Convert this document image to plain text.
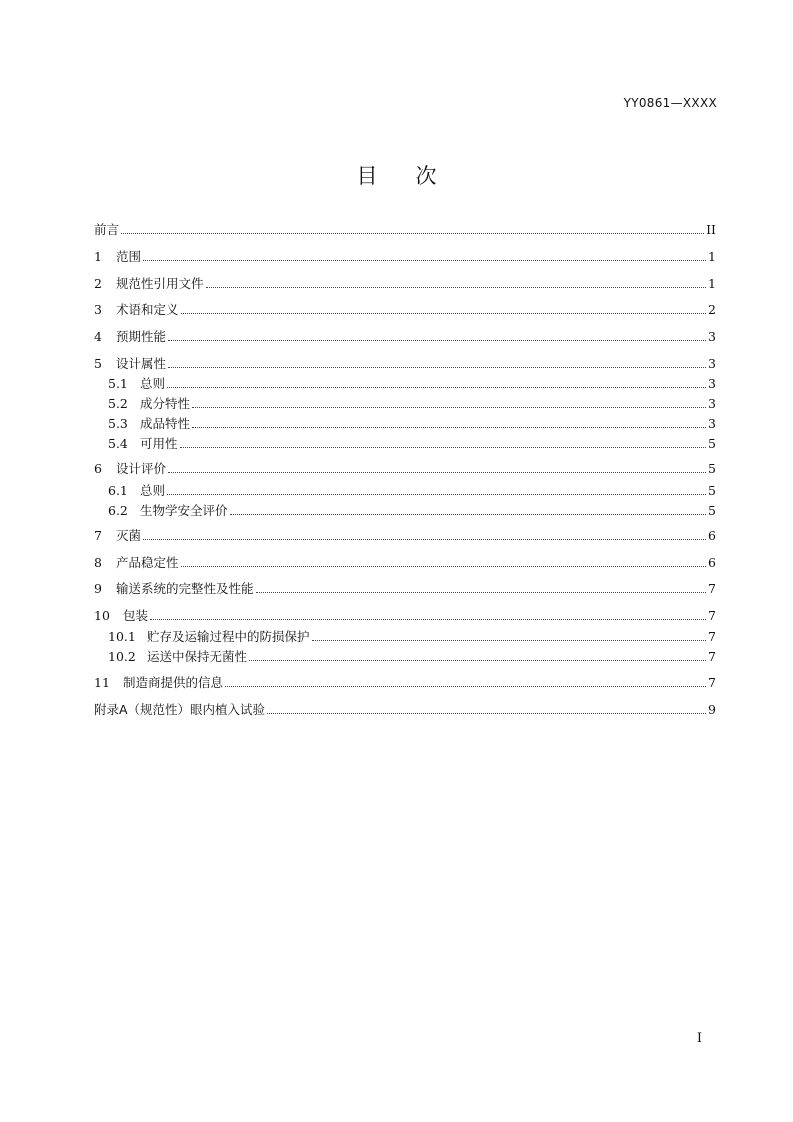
YY0861—XXXX
目 次
前言	II
1	范围	1
2	规范性引用文件	1
3	术语和定义	2
4	预期性能	3
5	设计属性	3
5.1 总则	3
5.2 成分特性	3
5.3 成品特性	3
5.4 可用性	5
6	设计评价	5
6.1 总则	5
6.2 生物学安全评价	5
7	灭菌	6
8	产品稳定性	6
9	输送系统的完整性及性能	7
10	包装	7
10.1 贮存及运输过程中的防损保护	7
10.2 运送中保持无菌性	7
11	制造商提供的信息	7
附录A（规范性）眼内植入试验	9
I
